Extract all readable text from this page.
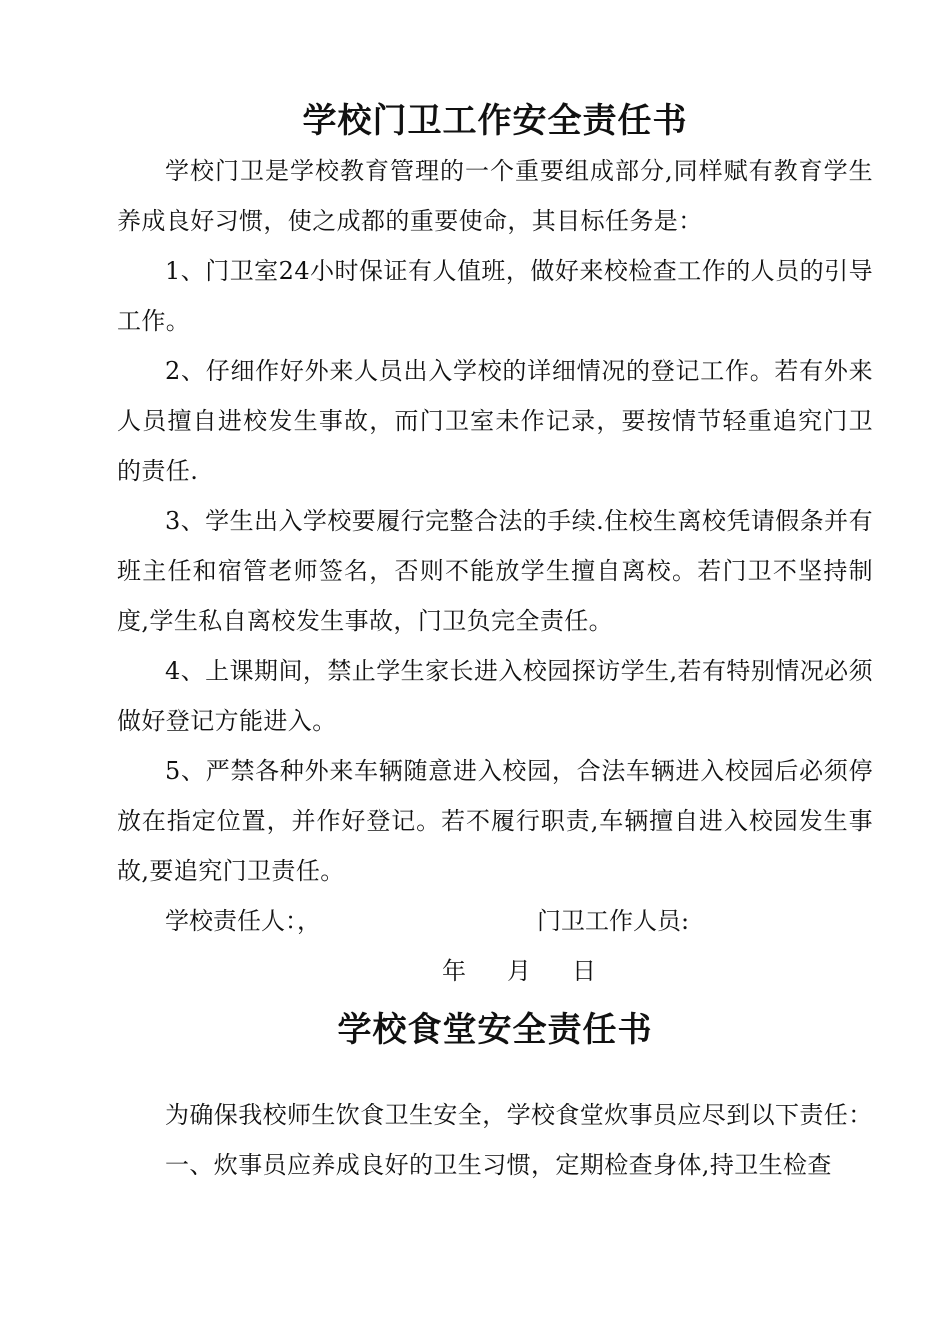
学校门卫工作安全责任书

学校门卫是学校教育管理的一个重要组成部分,同样赋有教育学生养成良好习惯，使之成都的重要使命，其目标任务是：

1、门卫室24小时保证有人值班，做好来校检查工作的人员的引导工作。

2、仔细作好外来人员出入学校的详细情况的登记工作。若有外来人员擅自进校发生事故，而门卫室未作记录，要按情节轻重追究门卫的责任.

3、学生出入学校要履行完整合法的手续.住校生离校凭请假条并有班主任和宿管老师签名，否则不能放学生擅自离校。若门卫不坚持制度,学生私自离校发生事故，门卫负完全责任。

4、上课期间，禁止学生家长进入校园探访学生,若有特别情况必须做好登记方能进入。

5、严禁各种外来车辆随意进入校园，合法车辆进入校园后必须停放在指定位置，并作好登记。若不履行职责,车辆擅自进入校园发生事故,要追究门卫责任。

学校责任人：，	门卫工作人员:
年 月 日
学校食堂安全责任书

为确保我校师生饮食卫生安全，学校食堂炊事员应尽到以下责任：

一、炊事员应养成良好的卫生习惯，定期检查身体,持卫生检查
